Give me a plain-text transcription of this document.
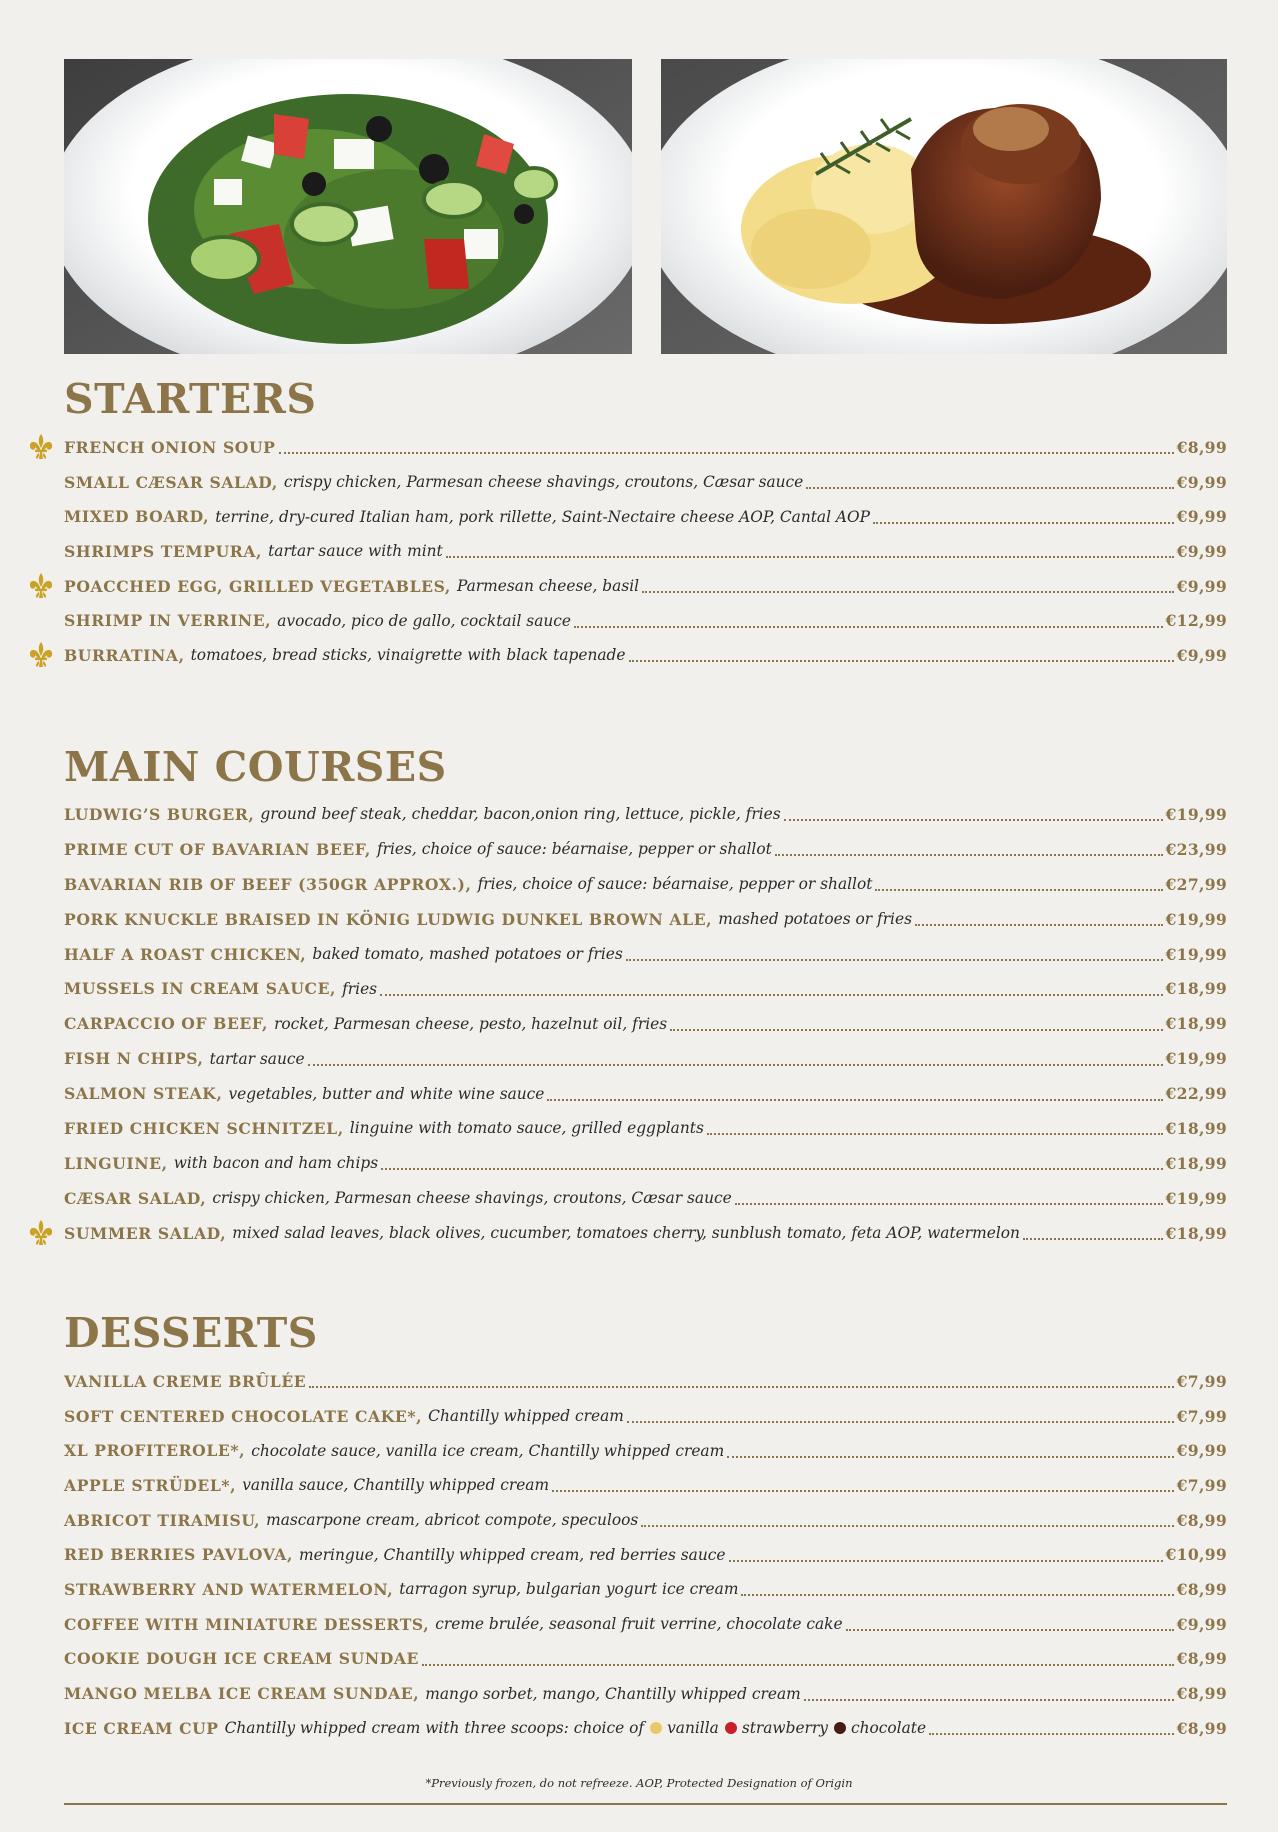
STARTERS
FRENCH ONION SOUP	€8,99
SMALL CÆSAR SALAD, crispy chicken, Parmesan cheese shavings, croutons, Cæsar sauce	€9,99
MIXED BOARD, terrine, dry-cured Italian ham, pork rillette, Saint-Nectaire cheese AOP, Cantal AOP	€9,99
SHRIMPS TEMPURA, tartar sauce with mint	€9,99
POACCHED EGG, GRILLED VEGETABLES, Parmesan cheese, basil	€9,99
SHRIMP IN VERRINE, avocado, pico de gallo, cocktail sauce	€12,99
BURRATINA, tomatoes, bread sticks, vinaigrette with black tapenade	€9,99
MAIN COURSES
LUDWIG’S BURGER, ground beef steak, cheddar, bacon,onion ring, lettuce, pickle, fries	€19,99
PRIME CUT OF BAVARIAN BEEF, fries, choice of sauce: béarnaise, pepper or shallot	€23,99
BAVARIAN RIB OF BEEF (350GR APPROX.), fries, choice of sauce: béarnaise, pepper or shallot	€27,99
PORK KNUCKLE BRAISED IN KÖNIG LUDWIG DUNKEL BROWN ALE, mashed potatoes or fries	€19,99
HALF A ROAST CHICKEN, baked tomato, mashed potatoes or fries	€19,99
MUSSELS IN CREAM SAUCE, fries	€18,99
CARPACCIO OF BEEF, rocket, Parmesan cheese, pesto, hazelnut oil, fries	€18,99
FISH N CHIPS, tartar sauce	€19,99
SALMON STEAK, vegetables, butter and white wine sauce	€22,99
FRIED CHICKEN SCHNITZEL, linguine with tomato sauce, grilled eggplants	€18,99
LINGUINE, with bacon and ham chips	€18,99
CÆSAR SALAD, crispy chicken, Parmesan cheese shavings, croutons, Cæsar sauce	€19,99
SUMMER SALAD, mixed salad leaves, black olives, cucumber, tomatoes cherry, sunblush tomato, feta AOP, watermelon	€18,99
DESSERTS
VANILLA CREME BRÛLÉE	€7,99
SOFT CENTERED CHOCOLATE CAKE*, Chantilly whipped cream	€7,99
XL PROFITEROLE*, chocolate sauce, vanilla ice cream, Chantilly whipped cream	€9,99
APPLE STRÜDEL*, vanilla sauce, Chantilly whipped cream	€7,99
ABRICOT TIRAMISU, mascarpone cream, abricot compote, speculoos	€8,99
RED BERRIES PAVLOVA, meringue, Chantilly whipped cream, red berries sauce	€10,99
STRAWBERRY AND WATERMELON, tarragon syrup, bulgarian yogurt ice cream	€8,99
COFFEE WITH MINIATURE DESSERTS, creme brulée, seasonal fruit verrine, chocolate cake	€9,99
COOKIE DOUGH ICE CREAM SUNDAE	€8,99
MANGO MELBA ICE CREAM SUNDAE, mango sorbet, mango, Chantilly whipped cream	€8,99
ICE CREAM CUP Chantilly whipped cream with three scoops: choice of vanilla strawberry chocolate	€8,99
*Previously frozen, do not refreeze. AOP, Protected Designation of Origin
